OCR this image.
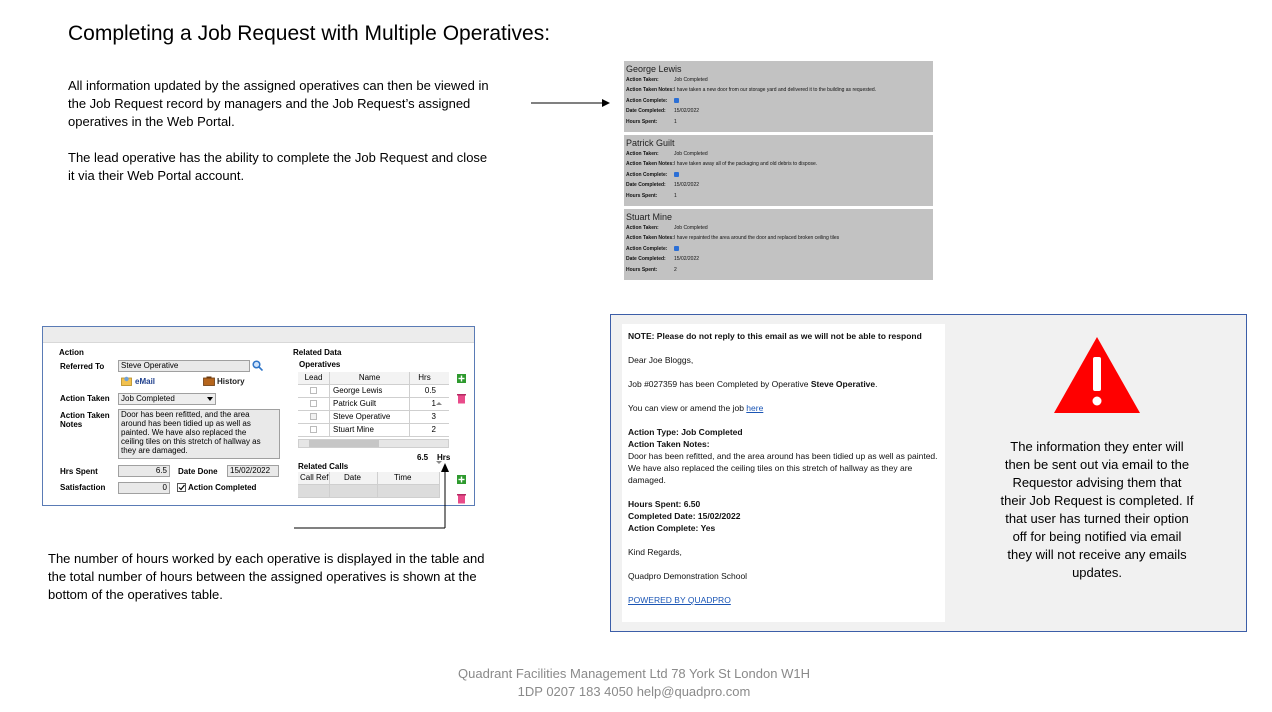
Completing a Job Request with Multiple Operatives:
All information updated by the assigned operatives can then be viewed in the Job Request record by managers and the Job Request’s assigned operatives in the Web Portal.
The lead operative has the ability to complete the Job Request and close it via their Web Portal account.
George Lewis
Action Taken:	Job Completed
Action Taken Notes:I have taken a new door from our storage yard and delivered it to the building as requested.
Action Complete:
Date Completed: 15/02/2022
Hours Spent:	1
Patrick Guilt
Action Taken:	Job Completed
Action Taken Notes:I have taken away all of the packaging and old debris to dispose.
Action Complete:
Date Completed: 15/02/2022
Hours Spent:	1
Stuart Mine
Action Taken:	Job Completed
Action Taken Notes:I have repainted the area around the door and replaced broken ceiling tiles
Action Complete:
Date Completed: 15/02/2022
Hours Spent:	2
Action
Referred To	Steve Operative
eMail	History
Action Taken	Job Completed
Action Taken Notes
Door has been refitted, and the area around has been tidied up as well as painted. We have also replaced the ceiling tiles on this stretch of hallway as they are damaged.
Hrs Spent	6.5	Date Done	15/02/2022
Satisfaction	0	Action Completed
Related Data
Operatives
Lead	Name	Hrs
George Lewis	0.5
Patrick Guilt	1
Steve Operative	3
Stuart Mine	2
6.5 Hrs
Related Calls
Call Ref	Date	Time
The number of hours worked by each operative is displayed in the table and the total number of hours between the assigned operatives is shown at the bottom of the operatives table.

NOTE: Please do not reply to this email as we will not be able to respond

Dear Joe Bloggs,

Job #027359 has been Completed by Operative Steve Operative.

You can view or amend the job here

Action Type: Job Completed

Action Taken Notes:

Door has been refitted, and the area around has been tidied up as well as painted.

We have also replaced the ceiling tiles on this stretch of hallway as they are damaged.

Hours Spent: 6.50

Completed Date: 15/02/2022

Action Complete: Yes

Kind Regards,

Quadpro Demonstration School

POWERED BY QUADPRO

The information they enter will then be sent out via email to the Requestor advising them that their Job Request is completed. If that user has turned their option off for being notified via email they will not receive any emails updates.
Quadrant Facilities Management Ltd 78 York St London W1H
1DP 0207 183 4050 help@quadpro.com
